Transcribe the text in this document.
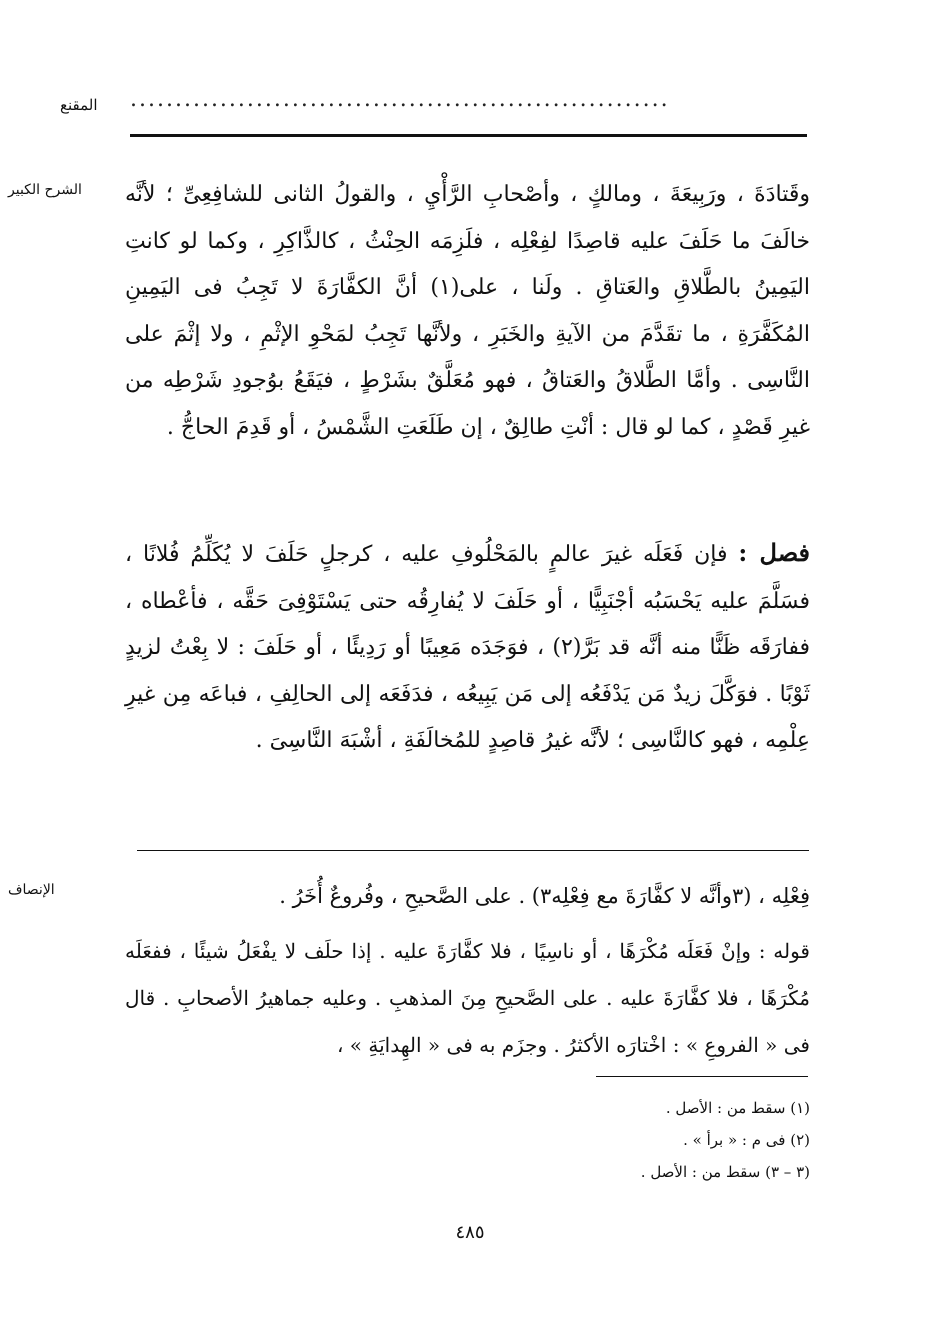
المقنع	............................................................
الشرح الكبير	وقَتادَةَ ، ورَبِيعَةَ ، ومالكٍ ، وأصْحابِ الرَّأْيِ ، والقولُ الثانى للشافِعِىِّ ؛ لأنَّه خالَفَ ما حَلَفَ عليه قاصِدًا لفِعْلِه ، فلَزِمَه الحِنْثُ ، كالذَّاكِرِ ، وكما لو كانتِ اليَمِينُ بالطَّلاقِ والعَتاقِ . ولَنا ، على(١) أنَّ الكفَّارَةَ لا تَجِبُ فى اليَمِينِ المُكَفَّرَةِ ، ما تقَدَّمَ من الآيةِ والخَبَرِ ، ولأنَّها تَجِبُ لمَحْوِ الإثْمِ ، ولا إثْمَ على النَّاسِى . وأمَّا الطَّلاقُ والعَتاقُ ، فهو مُعَلَّقٌ بشَرْطٍ ، فيَقَعُ بوُجودِ شَرْطِه من غيرِ قَصْدٍ ، كما لو قال : أنْتِ طالِقٌ ، إن طَلَعَتِ الشَّمْسُ ، أو قَدِمَ الحاجُّ .
فصل : فإن فَعَلَه غيرَ عالمٍ بالمَحْلُوفِ عليه ، كرجلٍ حَلَفَ لا يُكَلِّمُ فُلانًا ، فسَلَّمَ عليه يَحْسَبُه أجْنَبِيًّا ، أو حَلَفَ لا يُفارِقُه حتى يَسْتَوْفِىَ حَقَّه ، فأعْطاه ، ففارَقَه ظَنًّا منه أنَّه قد بَرَّ(٢) ، فوَجَدَه مَعِيبًا أو رَدِيئًا ، أو حَلَفَ : لا بِعْتُ لزيدٍ ثَوْبًا . فوَكَّلَ زيدٌ مَن يَدْفَعُه إلى مَن يَبِيعُه ، فدَفَعَه إلى الحالِفِ ، فباعَه مِن غيرِ عِلْمِه ، فهو كالنَّاسِى ؛ لأنَّه غيرُ قاصِدٍ للمُخالَفَةِ ، أشْبَهَ النَّاسِىَ .
الإنصاف	فِعْلِه ، (٣وأنَّه لا كفَّارَةَ مع فِعْلِه٣) . على الصَّحيحِ ، وفُروعٌ أُخَرُ .
قوله : وإنْ فَعَلَه مُكْرَهًا ، أو ناسِيًا ، فلا كفَّارَةَ عليه . إذا حلَف لا يفْعَلُ شيئًا ، ففعَلَه مُكْرَهًا ، فلا كفَّارَةَ عليه . على الصَّحيحِ مِنَ المذهبِ . وعليه جماهيرُ الأصحابِ . قال فى « الفروعِ » : اخْتارَه الأكثرُ . وجزَم به فى « الهِدايَةِ » ،
(١) سقط من : الأصل .
(٢) فى م : « برأ » .
(٣ – ٣) سقط من : الأصل .
٤٨٥
